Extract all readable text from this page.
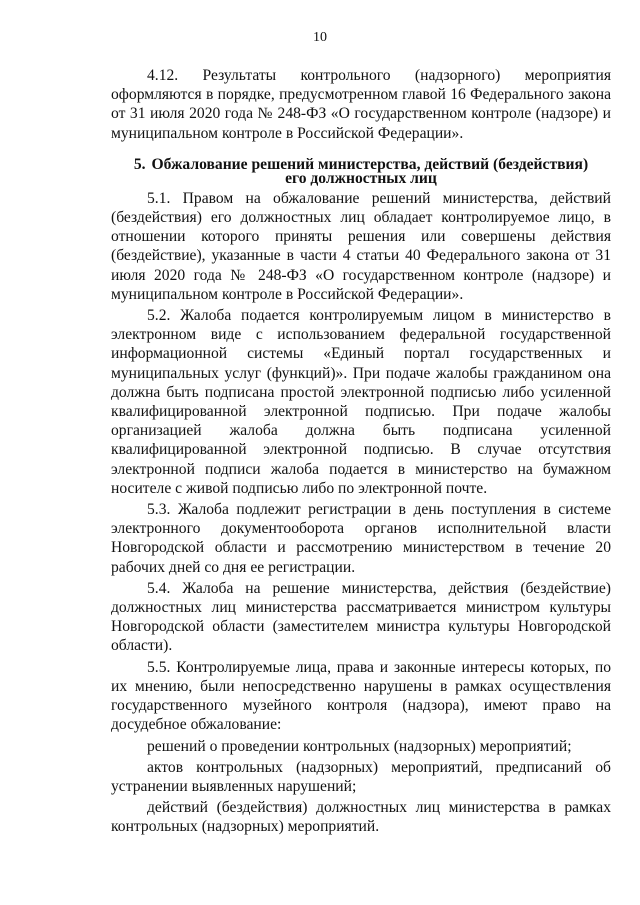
10

4.12. Результаты контрольного (надзорного) мероприятия оформляются в порядке, предусмотренном главой 16 Федерального закона от 31 июля 2020 года № 248-ФЗ «О государственном контроле (надзоре) и муниципальном контроле в Российской Федерации».

5. Обжалование решений министерства, действий (бездействия)
его должностных лиц

5.1. Правом на обжалование решений министерства, действий (бездействия) его должностных лиц обладает контролируемое лицо, в отношении которого приняты решения или совершены действия (бездействие), указанные в части 4 статьи 40 Федерального закона от 31 июля 2020 года № 248-ФЗ «О государственном контроле (надзоре) и муниципальном контроле в Российской Федерации».

5.2. Жалоба подается контролируемым лицом в министерство в электронном виде с использованием федеральной государственной информационной системы «Единый портал государственных и муниципальных услуг (функций)». При подаче жалобы гражданином она должна быть подписана простой электронной подписью либо усиленной квалифицированной электронной подписью. При подаче жалобы организацией жалоба должна быть подписана усиленной квалифицированной электронной подписью. В случае отсутствия электронной подписи жалоба подается в министерство на бумажном носителе с живой подписью либо по электронной почте.

5.3. Жалоба подлежит регистрации в день поступления в системе электронного документооборота органов исполнительной власти Новгородской области и рассмотрению министерством в течение 20 рабочих дней со дня ее регистрации.

5.4. Жалоба на решение министерства, действия (бездействие) должностных лиц министерства рассматривается министром культуры Новгородской области (заместителем министра культуры Новгородской области).

5.5. Контролируемые лица, права и законные интересы которых, по их мнению, были непосредственно нарушены в рамках осуществления государственного музейного контроля (надзора), имеют право на досудебное обжалование:

решений о проведении контрольных (надзорных) мероприятий;

актов контрольных (надзорных) мероприятий, предписаний об устранении выявленных нарушений;

действий (бездействия) должностных лиц министерства в рамках контрольных (надзорных) мероприятий.
